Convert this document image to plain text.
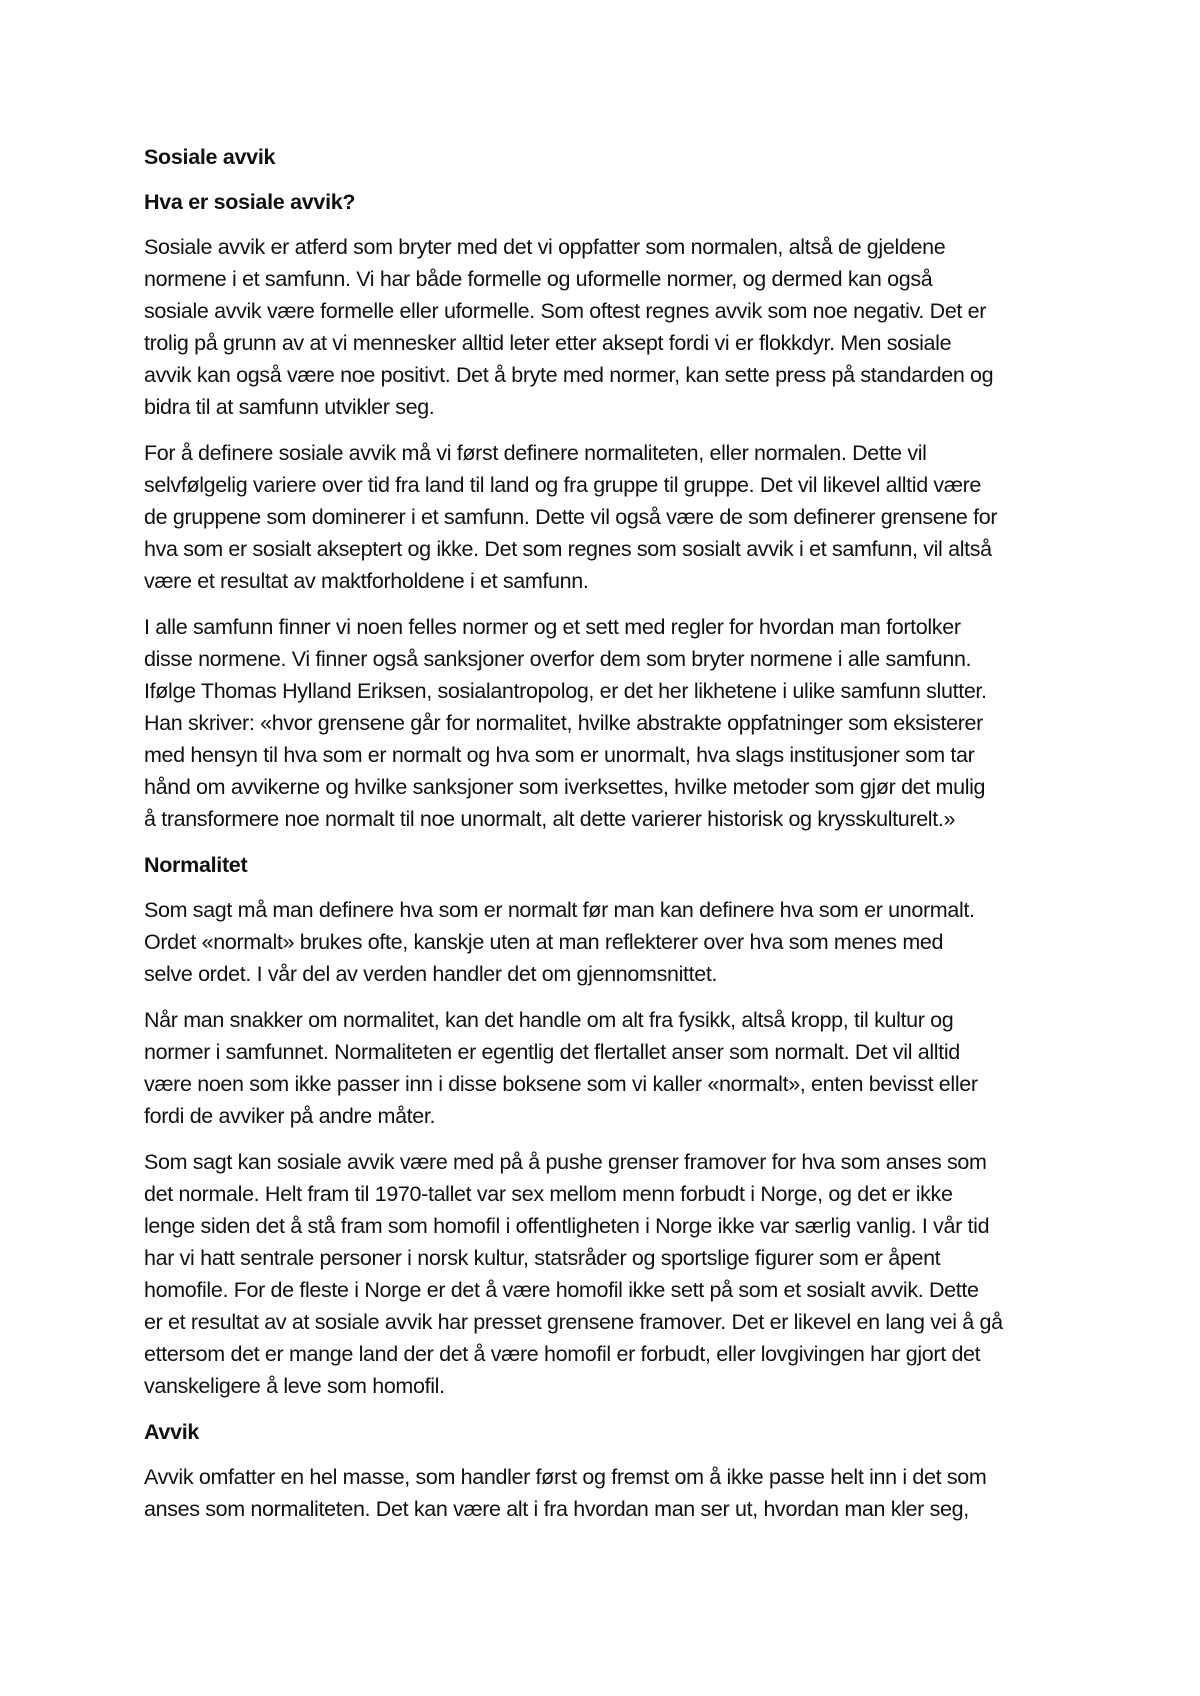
Sosiale avvik
Hva er sosiale avvik?
Sosiale avvik er atferd som bryter med det vi oppfatter som normalen, altså de gjeldene
normene i et samfunn. Vi har både formelle og uformelle normer, og dermed kan også
sosiale avvik være formelle eller uformelle. Som oftest regnes avvik som noe negativ. Det er
trolig på grunn av at vi mennesker alltid leter etter aksept fordi vi er flokkdyr. Men sosiale
avvik kan også være noe positivt. Det å bryte med normer, kan sette press på standarden og
bidra til at samfunn utvikler seg.
For å definere sosiale avvik må vi først definere normaliteten, eller normalen. Dette vil
selvfølgelig variere over tid fra land til land og fra gruppe til gruppe. Det vil likevel alltid være
de gruppene som dominerer i et samfunn. Dette vil også være de som definerer grensene for
hva som er sosialt akseptert og ikke. Det som regnes som sosialt avvik i et samfunn, vil altså
være et resultat av maktforholdene i et samfunn.
I alle samfunn finner vi noen felles normer og et sett med regler for hvordan man fortolker
disse normene. Vi finner også sanksjoner overfor dem som bryter normene i alle samfunn.
Ifølge Thomas Hylland Eriksen, sosialantropolog, er det her likhetene i ulike samfunn slutter.
Han skriver: «hvor grensene går for normalitet, hvilke abstrakte oppfatninger som eksisterer
med hensyn til hva som er normalt og hva som er unormalt, hva slags institusjoner som tar
hånd om avvikerne og hvilke sanksjoner som iverksettes, hvilke metoder som gjør det mulig
å transformere noe normalt til noe unormalt, alt dette varierer historisk og krysskulturelt.»
Normalitet
Som sagt må man definere hva som er normalt før man kan definere hva som er unormalt.
Ordet «normalt» brukes ofte, kanskje uten at man reflekterer over hva som menes med
selve ordet. I vår del av verden handler det om gjennomsnittet.
Når man snakker om normalitet, kan det handle om alt fra fysikk, altså kropp, til kultur og
normer i samfunnet. Normaliteten er egentlig det flertallet anser som normalt. Det vil alltid
være noen som ikke passer inn i disse boksene som vi kaller «normalt», enten bevisst eller
fordi de avviker på andre måter.
Som sagt kan sosiale avvik være med på å pushe grenser framover for hva som anses som
det normale. Helt fram til 1970-tallet var sex mellom menn forbudt i Norge, og det er ikke
lenge siden det å stå fram som homofil i offentligheten i Norge ikke var særlig vanlig. I vår tid
har vi hatt sentrale personer i norsk kultur, statsråder og sportslige figurer som er åpent
homofile. For de fleste i Norge er det å være homofil ikke sett på som et sosialt avvik. Dette
er et resultat av at sosiale avvik har presset grensene framover. Det er likevel en lang vei å gå
ettersom det er mange land der det å være homofil er forbudt, eller lovgivingen har gjort det
vanskeligere å leve som homofil.
Avvik
Avvik omfatter en hel masse, som handler først og fremst om å ikke passe helt inn i det som
anses som normaliteten. Det kan være alt i fra hvordan man ser ut, hvordan man kler seg,
